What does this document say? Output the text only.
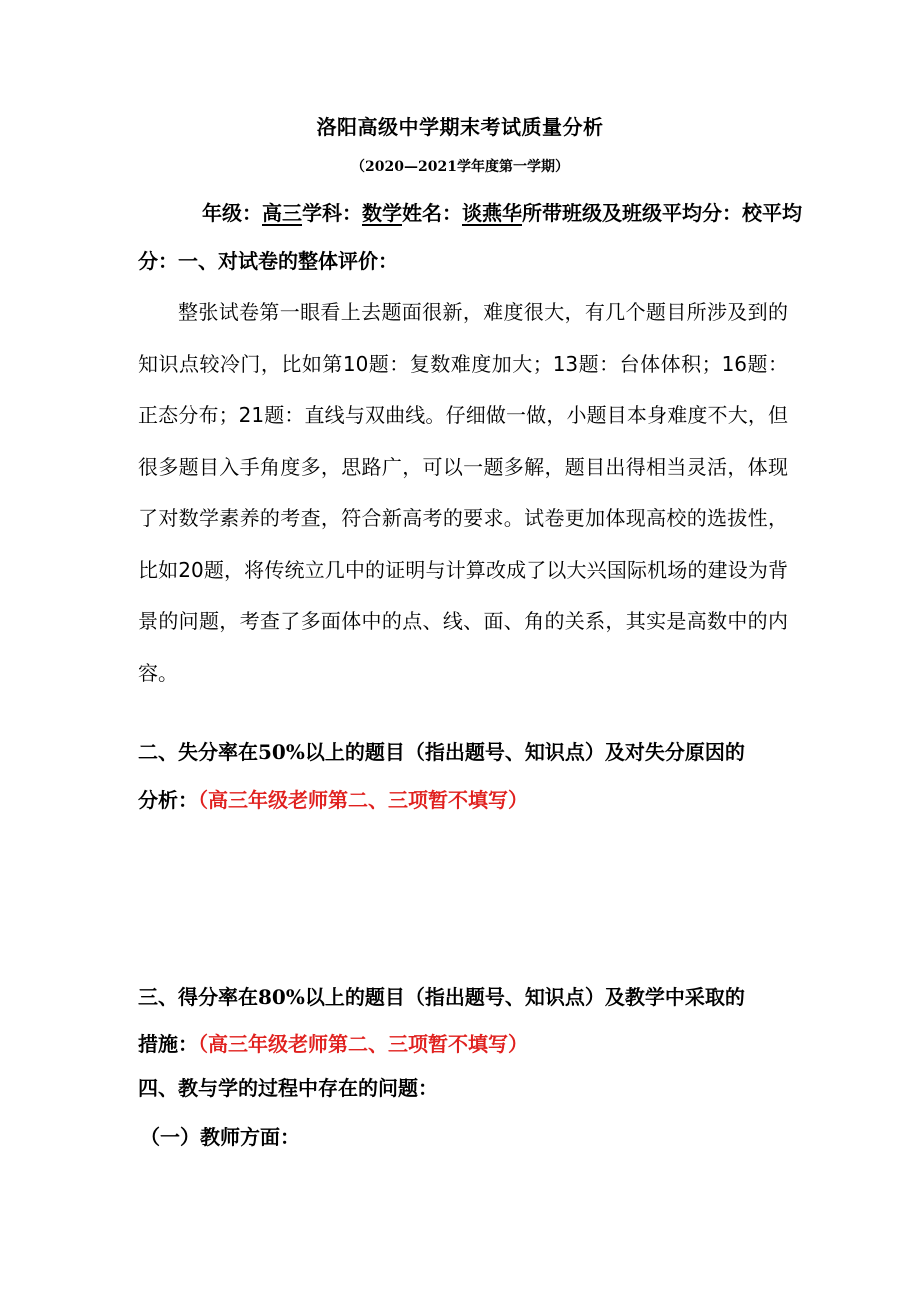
洛阳高级中学期末考试质量分析
（2020—2021学年度第一学期）
年级：高三学科：数学姓名：谈燕华所带班级及班级平均分：校平均
分：一、对试卷的整体评价：
整张试卷第一眼看上去题面很新，难度很大，有几个题目所涉及到的知识点较冷门，比如第10题：复数难度加大；13题：台体体积；16题：正态分布；21题：直线与双曲线。仔细做一做，小题目本身难度不大，但很多题目入手角度多，思路广，可以一题多解，题目出得相当灵活，体现了对数学素养的考查，符合新高考的要求。试卷更加体现高校的选拔性，比如20题，将传统立几中的证明与计算改成了以大兴国际机场的建设为背景的问题，考查了多面体中的点、线、面、角的关系，其实是高数中的内容。
二、失分率在50%以上的题目（指出题号、知识点）及对失分原因的
分析：（高三年级老师第二、三项暂不填写）
三、得分率在80%以上的题目（指出题号、知识点）及教学中采取的
措施：（高三年级老师第二、三项暂不填写）
四、教与学的过程中存在的问题：
（一）教师方面：
